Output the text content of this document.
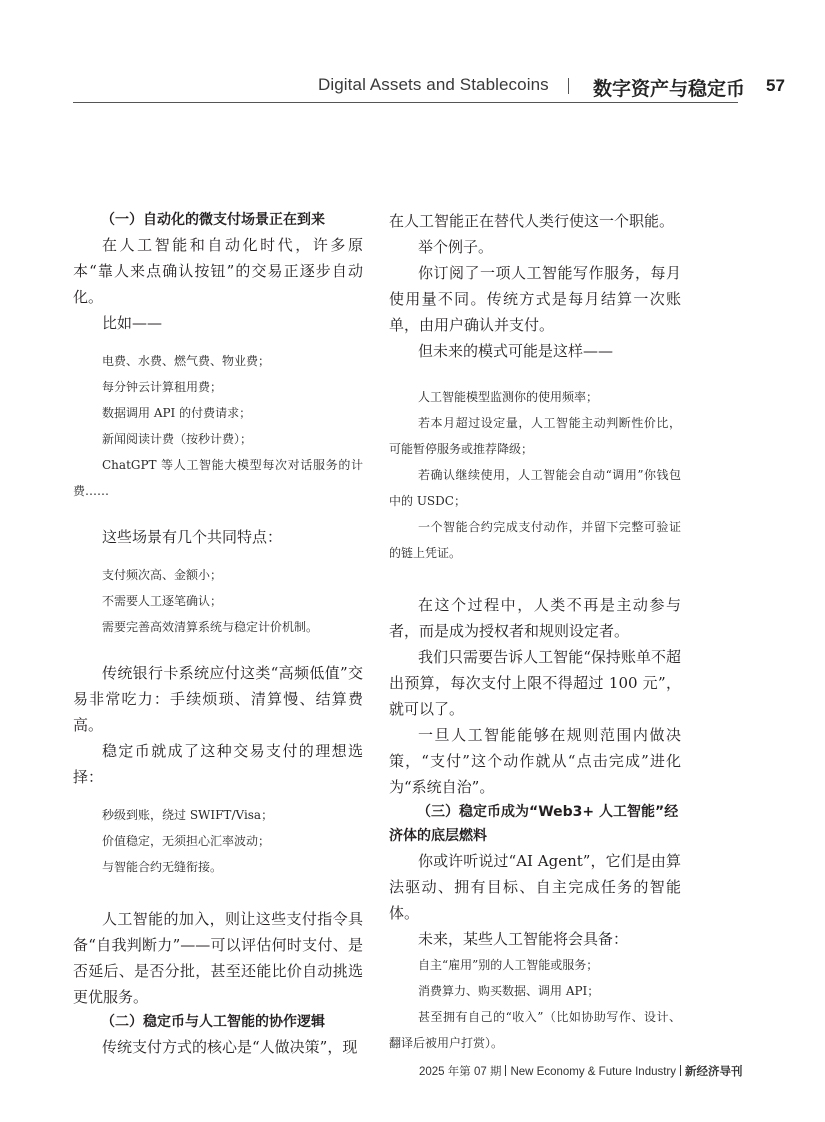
Digital Assets and Stablecoins 数字资产与稳定币 57

（一）自动化的微支付场景正在到来

在人工智能和自动化时代，许多原本“靠人来点确认按钮”的交易正逐步自动化。

比如——

电费、水费、燃气费、物业费；

每分钟云计算租用费；

数据调用 API 的付费请求；

新闻阅读计费（按秒计费）；

ChatGPT 等人工智能大模型每次对话服务的计费……

这些场景有几个共同特点：

支付频次高、金额小；

不需要人工逐笔确认；

需要完善高效清算系统与稳定计价机制。

传统银行卡系统应付这类“高频低值”交易非常吃力：手续烦琐、清算慢、结算费高。

稳定币就成了这种交易支付的理想选择：

秒级到账，绕过 SWIFT/Visa；

价值稳定，无须担心汇率波动；

与智能合约无缝衔接。

人工智能的加入，则让这些支付指令具备“自我判断力”——可以评估何时支付、是否延后、是否分批，甚至还能比价自动挑选更优服务。

（二）稳定币与人工智能的协作逻辑

传统支付方式的核心是“人做决策”，现

在人工智能正在替代人类行使这一个职能。

举个例子。

你订阅了一项人工智能写作服务，每月使用量不同。传统方式是每月结算一次账单，由用户确认并支付。

但未来的模式可能是这样——

人工智能模型监测你的使用频率；

若本月超过设定量，人工智能主动判断性价比，可能暂停服务或推荐降级；

若确认继续使用，人工智能会自动“调用”你钱包中的 USDC；

一个智能合约完成支付动作，并留下完整可验证的链上凭证。

在这个过程中，人类不再是主动参与者，而是成为授权者和规则设定者。

我们只需要告诉人工智能“保持账单不超出预算，每次支付上限不得超过 100 元”，就可以了。

一旦人工智能能够在规则范围内做决策，“支付”这个动作就从“点击完成”进化为“系统自治”。

（三）稳定币成为“Web3+ 人工智能”经济体的底层燃料

你或许听说过“AI Agent”，它们是由算法驱动、拥有目标、自主完成任务的智能体。

未来，某些人工智能将会具备：

自主“雇用”别的人工智能或服务；

消费算力、购买数据、调用 API；

甚至拥有自己的“收入”（比如协助写作、设计、翻译后被用户打赏）。

2025 年第 07 期 New Economy & Future Industry 新经济导刊
